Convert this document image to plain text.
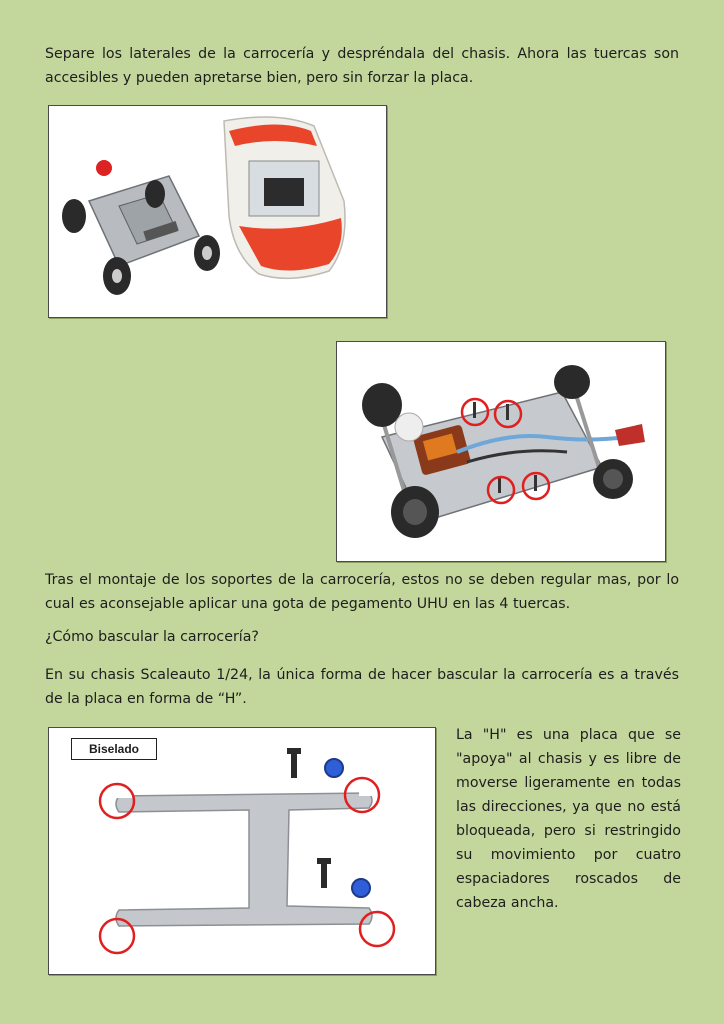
Separe los laterales de la carrocería y despréndala del chasis. Ahora las tuercas son accesibles y pueden apretarse bien, pero sin forzar la placa.

Tras el montaje de los soportes de la carrocería, estos no se deben regular mas, por lo cual es aconsejable aplicar una gota de pegamento UHU en las 4 tuercas.

¿Cómo bascular la carrocería?

En su chasis Scaleauto 1/24, la única forma de hacer bascular la carrocería es a través de la placa en forma de “H”.

Biselado

La "H" es una placa que se "apoya" al chasis y es libre de moverse ligeramente en todas las direcciones, ya que no está bloqueada, pero si restringido su movimiento por cuatro espaciadores roscados de
cabeza ancha.
